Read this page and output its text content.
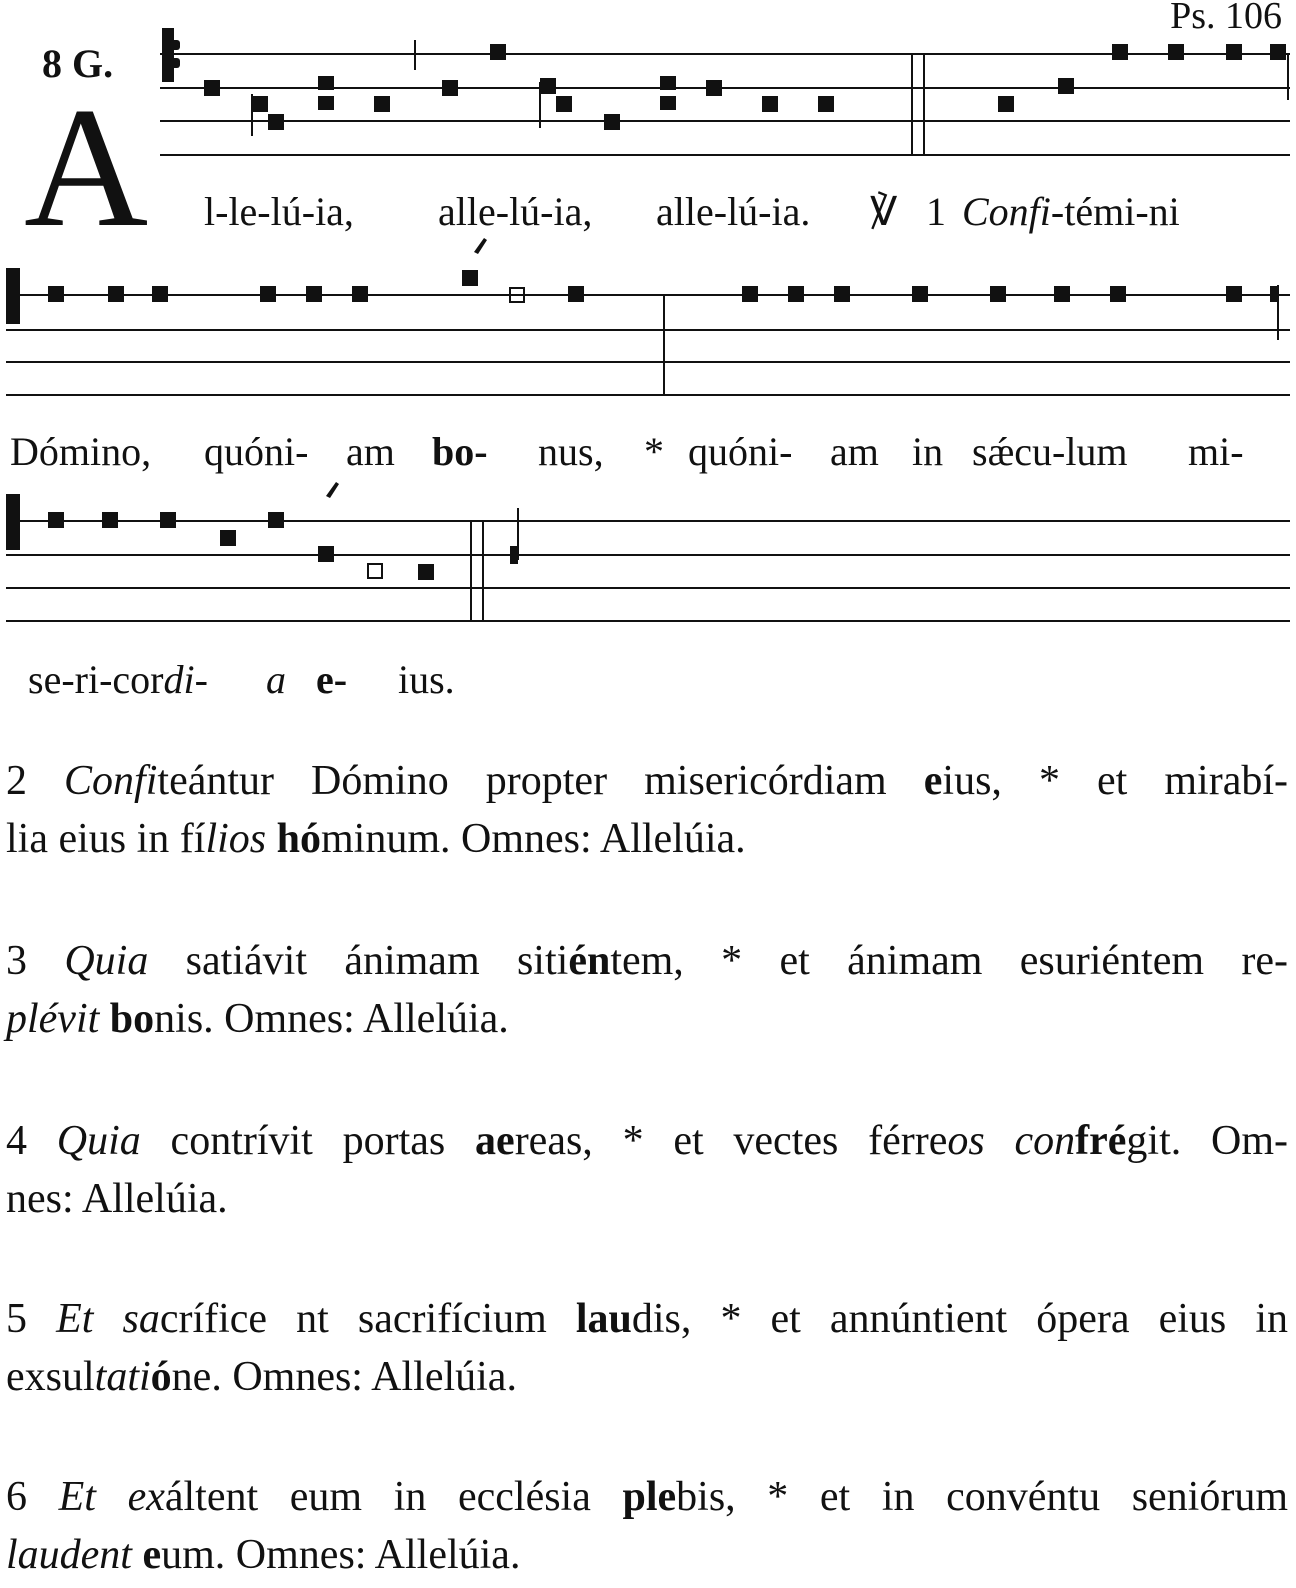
8 G.
Ps. 106
A l-le-lú-ia, alle-lú-ia, alle-lú-ia. ℣ 1 Confi-témi-ni
Dómino, quóni- am bo- nus, * quóni- am in sǽcu-lum mi-
se-ri-cordi- a e- ius.
2 Confiteántur Dómino propter misericórdiam eius, * et mirabí-
lia eius in fílios hóminum. Omnes: Allelúia.
3 Quia satiávit ánimam sitiéntem, * et ánimam esuriéntem re-
plévit bonis. Omnes: Allelúia.
4 Quia contrívit portas aereas, * et vectes férreos confrégit. Om-
nes: Allelúia.
5 Et sacrífice nt sacrifícium laudis, * et annúntient ópera eius in
exsultatióne. Omnes: Allelúia.
6 Et exáltent eum in ecclésia plebis, * et in convéntu seniórum
laudent eum. Omnes: Allelúia.
